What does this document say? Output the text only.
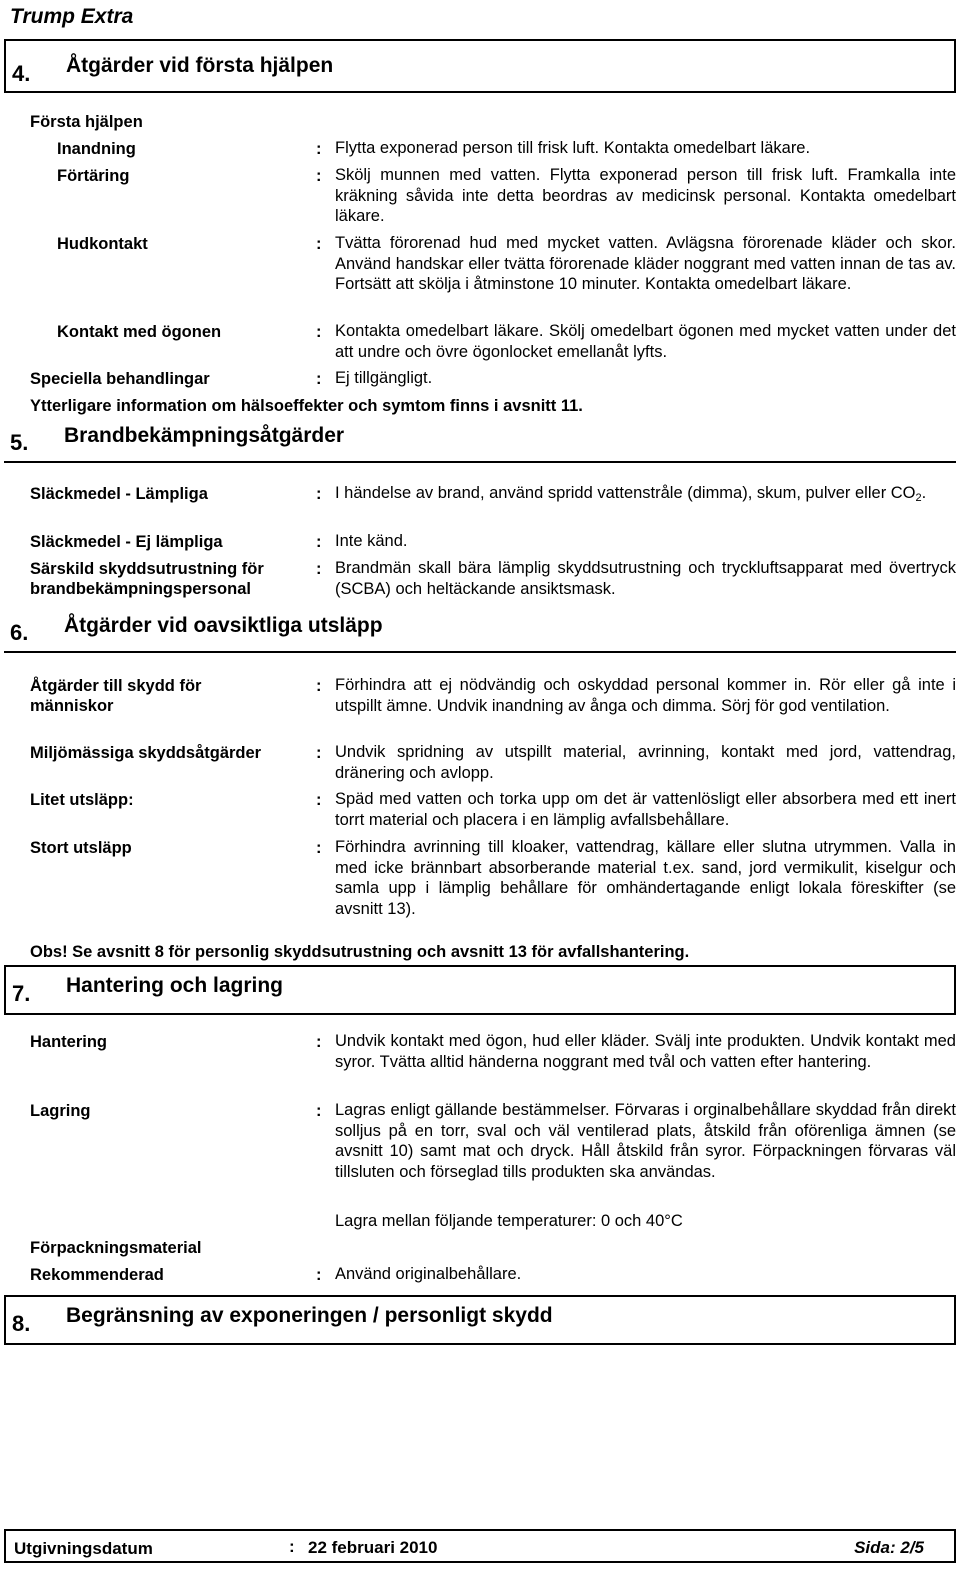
Trump Extra
4. Åtgärder vid första hjälpen
Första hjälpen
Inandning	: Flytta exponerad person till frisk luft. Kontakta omedelbart läkare.
Förtäring	: Skölj munnen med vatten. Flytta exponerad person till frisk luft. Framkalla inte kräkning såvida inte detta beordras av medicinsk personal. Kontakta omedelbart läkare.
Hudkontakt	: Tvätta förorenad hud med mycket vatten. Avlägsna förorenade kläder och skor. Använd handskar eller tvätta förorenade kläder noggrant med vatten innan de tas av. Fortsätt att skölja i åtminstone 10 minuter. Kontakta omedelbart läkare.
Kontakt med ögonen	: Kontakta omedelbart läkare. Skölj omedelbart ögonen med mycket vatten under det att undre och övre ögonlocket emellanåt lyfts.
Speciella behandlingar	: Ej tillgängligt.
Ytterligare information om hälsoeffekter och symtom finns i avsnitt 11.
5. Brandbekämpningsåtgärder
Släckmedel - Lämpliga	: I händelse av brand, använd spridd vattenstråle (dimma), skum, pulver eller $CO_2$.
Släckmedel - Ej lämpliga	: Inte känd.
Särskild skyddsutrustning för brandbekämpningspersonal
: Brandmän skall bära lämplig skyddsutrustning och tryckluftsapparat med övertryck (SCBA) och heltäckande ansiktsmask.
6. Åtgärder vid oavsiktliga utsläpp
Åtgärder till skydd för människor
: Förhindra att ej nödvändig och oskyddad personal kommer in. Rör eller gå inte i utspillt ämne. Undvik inandning av ånga och dimma. Sörj för god ventilation.
Miljömässiga skyddsåtgärder	: Undvik spridning av utspillt material, avrinning, kontakt med jord, vattendrag, dränering och avlopp.
Litet utsläpp:	: Späd med vatten och torka upp om det är vattenlösligt eller absorbera med ett inert torrt material och placera i en lämplig avfallsbehållare.
Stort utsläpp	: Förhindra avrinning till kloaker, vattendrag, källare eller slutna utrymmen. Valla in med icke brännbart absorberande material t.ex. sand, jord vermikulit, kiselgur och samla upp i lämplig behållare för omhändertagande enligt lokala föreskifter (se avsnitt 13).
Obs! Se avsnitt 8 för personlig skyddsutrustning och avsnitt 13 för avfallshantering.
7. Hantering och lagring
Hantering	: Undvik kontakt med ögon, hud eller kläder. Svälj inte produkten. Undvik kontakt med syror. Tvätta alltid händerna noggrant med tvål och vatten efter hantering.
Lagring	: Lagras enligt gällande bestämmelser. Förvaras i orginalbehållare skyddad från direkt solljus på en torr, sval och väl ventilerad plats, åtskild från oförenliga ämnen (se avsnitt 10) samt mat och dryck. Håll åtskild från syror. Förpackningen förvaras väl tillsluten och förseglad tills produkten ska användas.
Lagra mellan följande temperaturer: 0 och 40°C
Förpackningsmaterial
Rekommenderad	: Använd originalbehållare.
8. Begränsning av exponeringen / personligt skydd
Utgivningsdatum	: 22 februari 2010	Sida: 2/5
